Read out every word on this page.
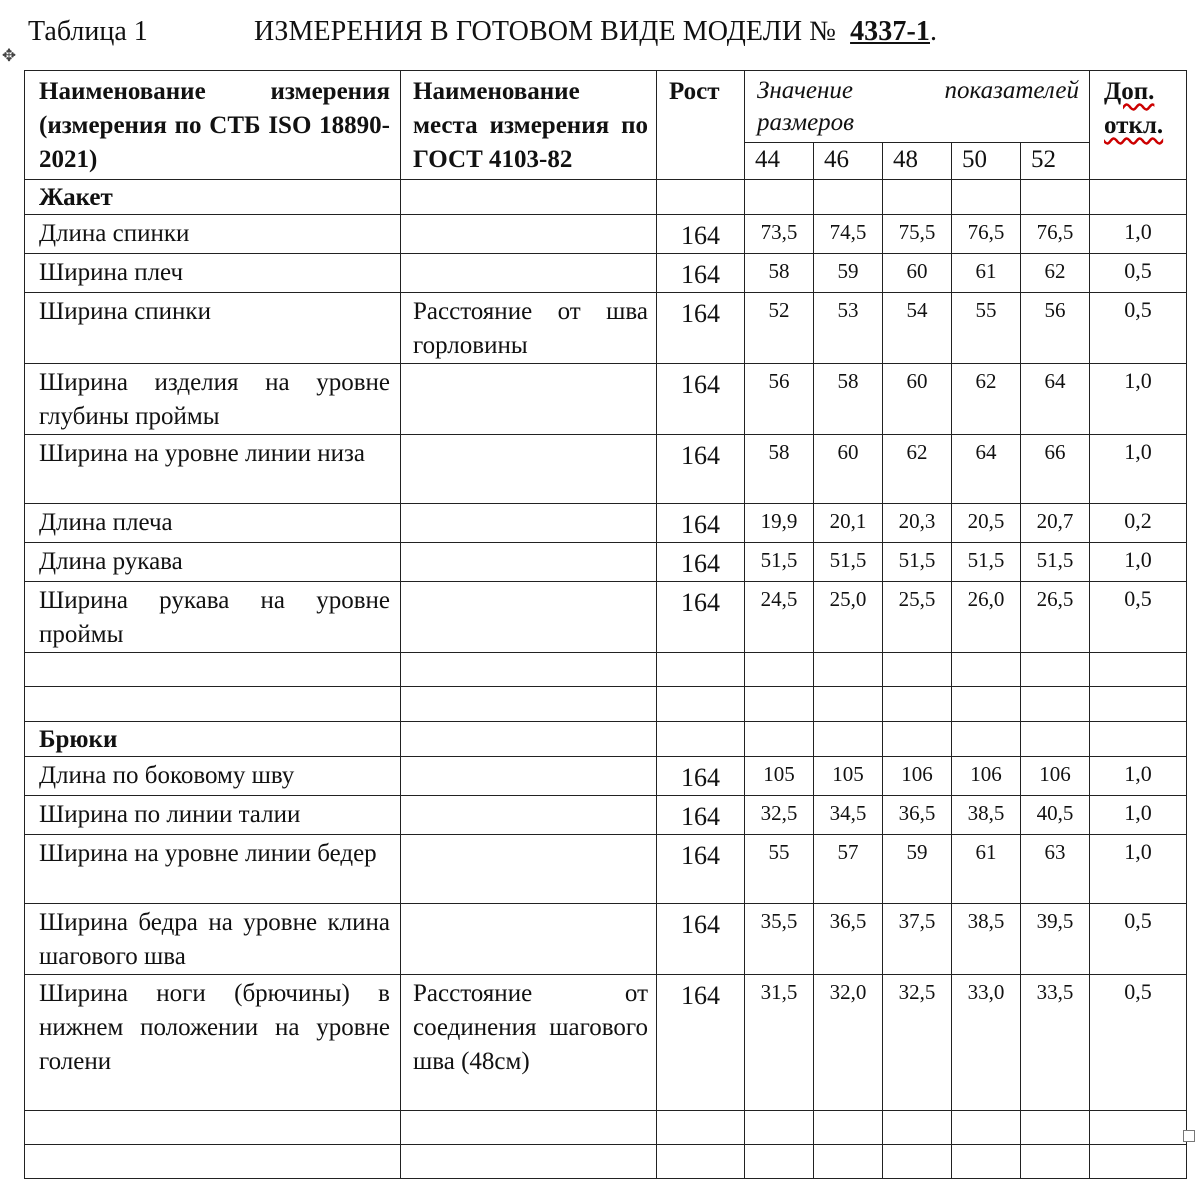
Таблица 1	ИЗМЕРЕНИЯ В ГОТОВОМ ВИДЕ МОДЕЛИ № 4337-1.
✥
Наименование измерения (измерения по СТБ ISO 18890-2021)	Наименование места измерения по ГОСТ 4103-82	Рост	Значение показателей размеров					Доп. откл.
			44	46	48	50	52	
Жакет								
Длина спинки		164	73,5	74,5	75,5	76,5	76,5	1,0
Ширина плеч		164	58	59	60	61	62	0,5
Ширина спинки	Расстояние от шва горловины	164	52	53	54	55	56	0,5
Ширина изделия на уровне глубины проймы		164	56	58	60	62	64	1,0
Ширина на уровне линии низа		164	58	60	62	64	66	1,0
Длина плеча		164	19,9	20,1	20,3	20,5	20,7	0,2
Длина рукава		164	51,5	51,5	51,5	51,5	51,5	1,0
Ширина рукава на уровне проймы		164	24,5	25,0	25,5	26,0	26,5	0,5

Брюки								
Длина по боковому шву		164	105	105	106	106	106	1,0
Ширина по линии талии		164	32,5	34,5	36,5	38,5	40,5	1,0
Ширина на уровне линии бедер		164	55	57	59	61	63	1,0
Ширина бедра на уровне клина шагового шва		164	35,5	36,5	37,5	38,5	39,5	0,5
Ширина ноги (брючины) в нижнем положении на уровне голени	Расстояние от соединения шагового шва (48см)	164	31,5	32,0	32,5	33,0	33,5	0,5
